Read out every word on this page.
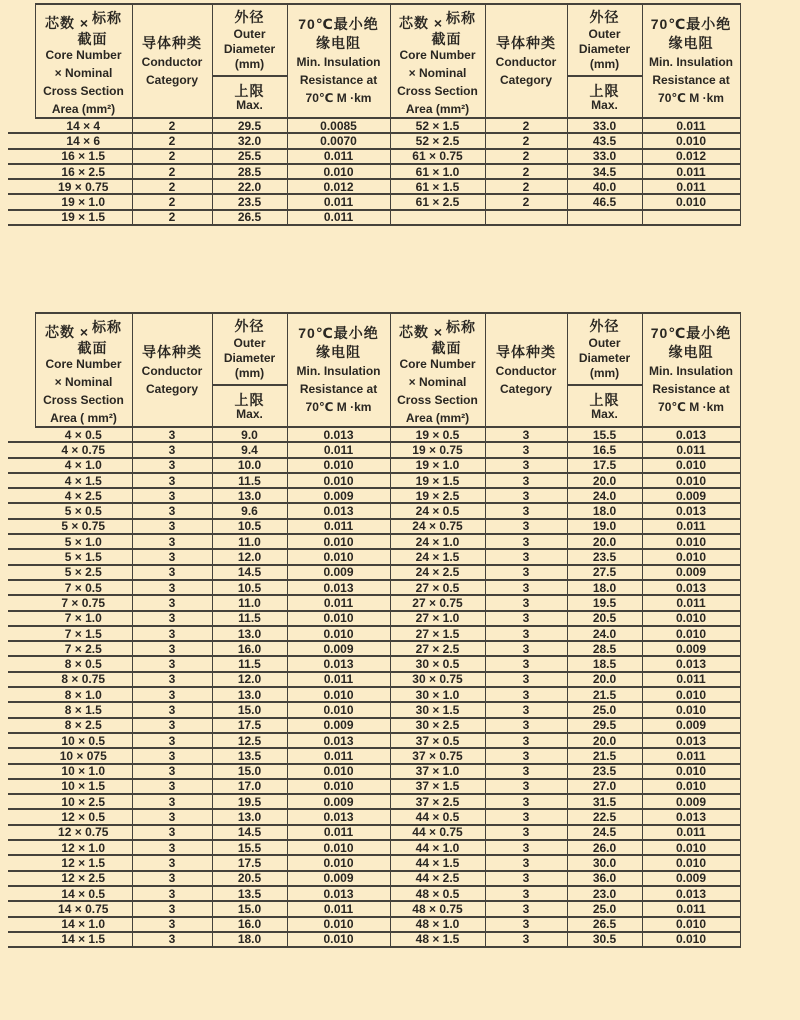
芯数 × 标称
截面
Core Number
× Nominal
Cross Section
Area (mm²)

导体种类
Conductor
Category

外径
Outer
Diameter
(mm)
上限
Max.

70℃最小绝
缘电阻
Min. Insulation
Resistance at
70℃ M ·km

芯数 × 标称
截面
Core Number
× Nominal
Cross Section
Area (mm²)

导体种类
Conductor
Category

外径
Outer
Diameter
(mm)
上限
Max.

70℃最小绝
缘电阻
Min. Insulation
Resistance at
70℃ M ·km

	14 × 4	2	29.5	0.0085	52 × 1.5	2	33.0	0.011
	14 × 6	2	32.0	0.0070	52 × 2.5	2	43.5	0.010
	16 × 1.5	2	25.5	0.011	61 × 0.75	2	33.0	0.012
	16 × 2.5	2	28.5	0.010	61 × 1.0	2	34.5	0.011
	19 × 0.75	2	22.0	0.012	61 × 1.5	2	40.0	0.011
	19 × 1.0	2	23.5	0.011	61 × 2.5	2	46.5	0.010
	19 × 1.5	2	26.5	0.011				

芯数 × 标称
截面
Core Number
× Nominal
Cross Section
Area ( mm²)

导体种类
Conductor
Category

外径
Outer
Diameter
(mm)
上限
Max.

70℃最小绝
缘电阻
Min. Insulation
Resistance at
70℃ M ·km

芯数 × 标称
截面
Core Number
× Nominal
Cross Section
Area (mm²)

导体种类
Conductor
Category

外径
Outer
Diameter
(mm)
上限
Max.

70℃最小绝
缘电阻
Min. Insulation
Resistance at
70℃ M ·km

	4 × 0.5	3	9.0	0.013	19 × 0.5	3	15.5	0.013
	4 × 0.75	3	9.4	0.011	19 × 0.75	3	16.5	0.011
	4 × 1.0	3	10.0	0.010	19 × 1.0	3	17.5	0.010
	4 × 1.5	3	11.5	0.010	19 × 1.5	3	20.0	0.010
	4 × 2.5	3	13.0	0.009	19 × 2.5	3	24.0	0.009
	5 × 0.5	3	9.6	0.013	24 × 0.5	3	18.0	0.013
	5 × 0.75	3	10.5	0.011	24 × 0.75	3	19.0	0.011
	5 × 1.0	3	11.0	0.010	24 × 1.0	3	20.0	0.010
	5 × 1.5	3	12.0	0.010	24 × 1.5	3	23.5	0.010
	5 × 2.5	3	14.5	0.009	24 × 2.5	3	27.5	0.009
	7 × 0.5	3	10.5	0.013	27 × 0.5	3	18.0	0.013
	7 × 0.75	3	11.0	0.011	27 × 0.75	3	19.5	0.011
	7 × 1.0	3	11.5	0.010	27 × 1.0	3	20.5	0.010
	7 × 1.5	3	13.0	0.010	27 × 1.5	3	24.0	0.010
	7 × 2.5	3	16.0	0.009	27 × 2.5	3	28.5	0.009
	8 × 0.5	3	11.5	0.013	30 × 0.5	3	18.5	0.013
	8 × 0.75	3	12.0	0.011	30 × 0.75	3	20.0	0.011
	8 × 1.0	3	13.0	0.010	30 × 1.0	3	21.5	0.010
	8 × 1.5	3	15.0	0.010	30 × 1.5	3	25.0	0.010
	8 × 2.5	3	17.5	0.009	30 × 2.5	3	29.5	0.009
	10 × 0.5	3	12.5	0.013	37 × 0.5	3	20.0	0.013
	10 × 075	3	13.5	0.011	37 × 0.75	3	21.5	0.011
	10 × 1.0	3	15.0	0.010	37 × 1.0	3	23.5	0.010
	10 × 1.5	3	17.0	0.010	37 × 1.5	3	27.0	0.010
	10 × 2.5	3	19.5	0.009	37 × 2.5	3	31.5	0.009
	12 × 0.5	3	13.0	0.013	44 × 0.5	3	22.5	0.013
	12 × 0.75	3	14.5	0.011	44 × 0.75	3	24.5	0.011
	12 × 1.0	3	15.5	0.010	44 × 1.0	3	26.0	0.010
	12 × 1.5	3	17.5	0.010	44 × 1.5	3	30.0	0.010
	12 × 2.5	3	20.5	0.009	44 × 2.5	3	36.0	0.009
	14 × 0.5	3	13.5	0.013	48 × 0.5	3	23.0	0.013
	14 × 0.75	3	15.0	0.011	48 × 0.75	3	25.0	0.011
	14 × 1.0	3	16.0	0.010	48 × 1.0	3	26.5	0.010
	14 × 1.5	3	18.0	0.010	48 × 1.5	3	30.5	0.010
